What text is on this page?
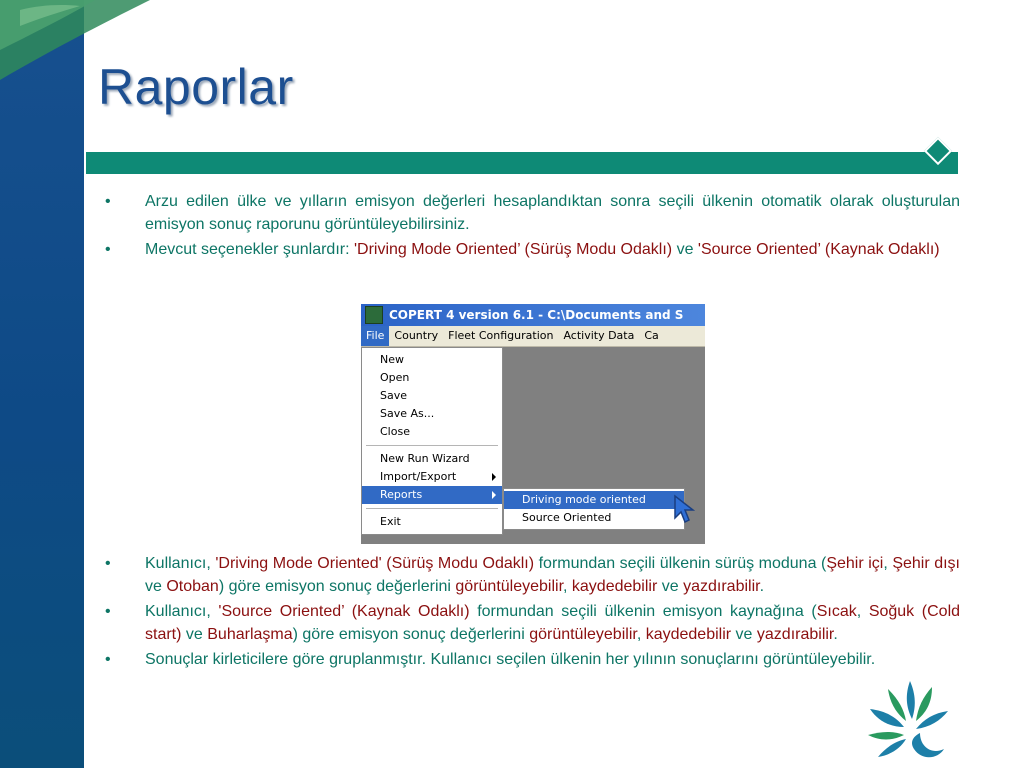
Raporlar
• Arzu edilen ülke ve yılların emisyon değerleri hesaplandıktan sonra seçili ülkenin otomatik olarak oluşturulan emisyon sonuç raporunu görüntüleyebilirsiniz.
• Mevcut seçenekler şunlardır: 'Driving Mode Oriented’ (Sürüş Modu Odaklı) ve 'Source Oriented’ (Kaynak Odaklı)
COPERT 4 version 6.1 - C:\Documents and S
File Country Fleet Configuration Activity Data Ca
New
Open
Save
Save As...
Close
New Run Wizard
Import/Export
Reports
Exit
Driving mode oriented
Source Oriented
• Kullanıcı, 'Driving Mode Oriented' (Sürüş Modu Odaklı) formundan seçili ülkenin sürüş moduna (Şehir içi, Şehir dışı ve Otoban) göre emisyon sonuç değerlerini görüntüleyebilir, kaydedebilir ve yazdırabilir.
• Kullanıcı, 'Source Oriented’ (Kaynak Odaklı) formundan seçili ülkenin emisyon kaynağına (Sıcak, Soğuk (Cold start) ve Buharlaşma) göre emisyon sonuç değerlerini görüntüleyebilir, kaydedebilir ve yazdırabilir.
• Sonuçlar kirleticilere göre gruplanmıştır. Kullanıcı seçilen ülkenin her yılının sonuçlarını görüntüleyebilir.
